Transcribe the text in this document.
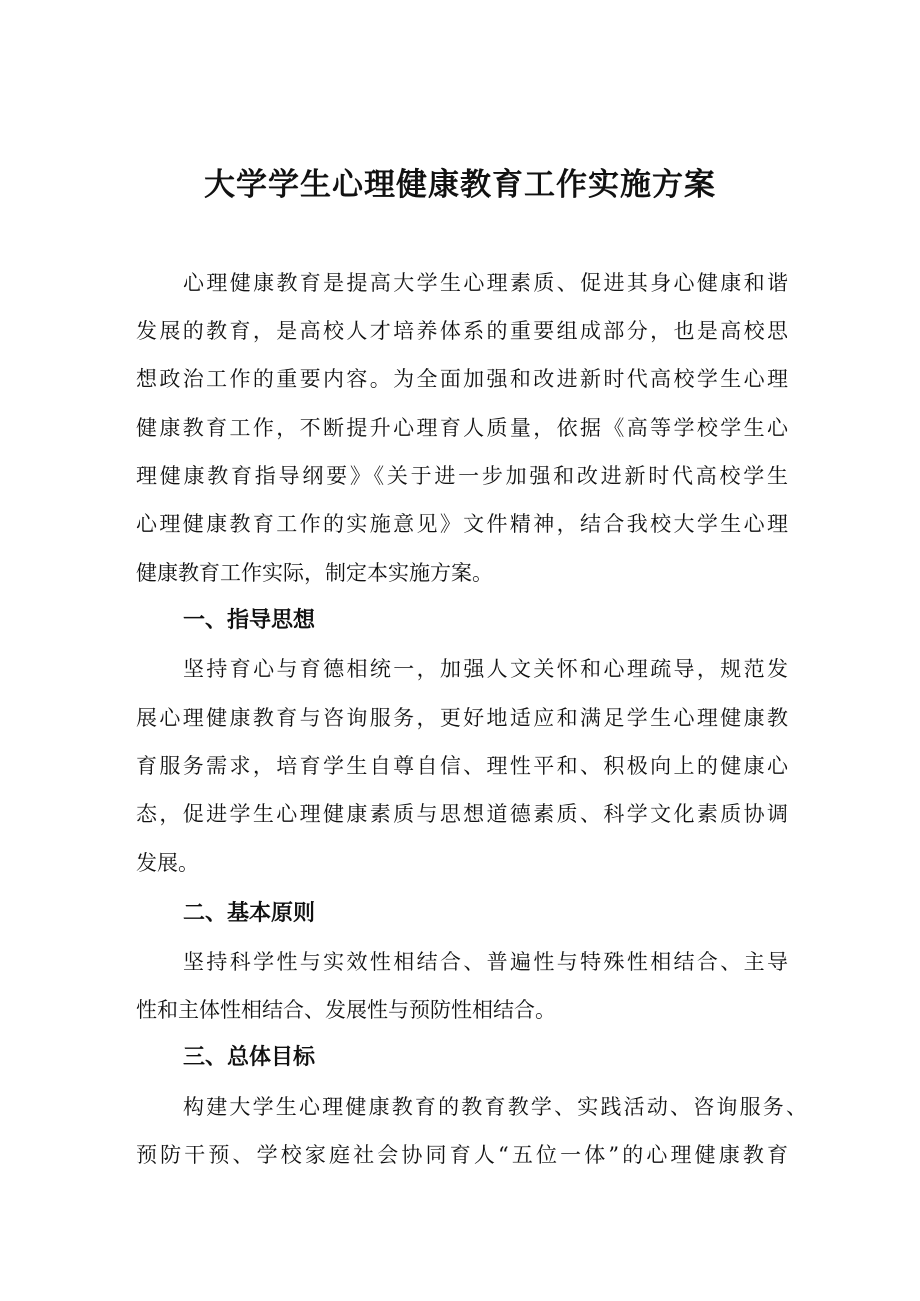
大学学生心理健康教育工作实施方案
心理健康教育是提高大学生心理素质、促进其身心健康和谐
发展的教育，是高校人才培养体系的重要组成部分，也是高校思
想政治工作的重要内容。为全面加强和改进新时代高校学生心理
健康教育工作，不断提升心理育人质量，依据《高等学校学生心
理健康教育指导纲要》《关于进一步加强和改进新时代高校学生
心理健康教育工作的实施意见》文件精神，结合我校大学生心理
健康教育工作实际，制定本实施方案。
一、指导思想
坚持育心与育德相统一，加强人文关怀和心理疏导，规范发
展心理健康教育与咨询服务，更好地适应和满足学生心理健康教
育服务需求，培育学生自尊自信、理性平和、积极向上的健康心
态，促进学生心理健康素质与思想道德素质、科学文化素质协调
发展。
二、基本原则
坚持科学性与实效性相结合、普遍性与特殊性相结合、主导
性和主体性相结合、发展性与预防性相结合。
三、总体目标
构建大学生心理健康教育的教育教学、实践活动、咨询服务、
预防干预、学校家庭社会协同育人“五位一体”的心理健康教育
